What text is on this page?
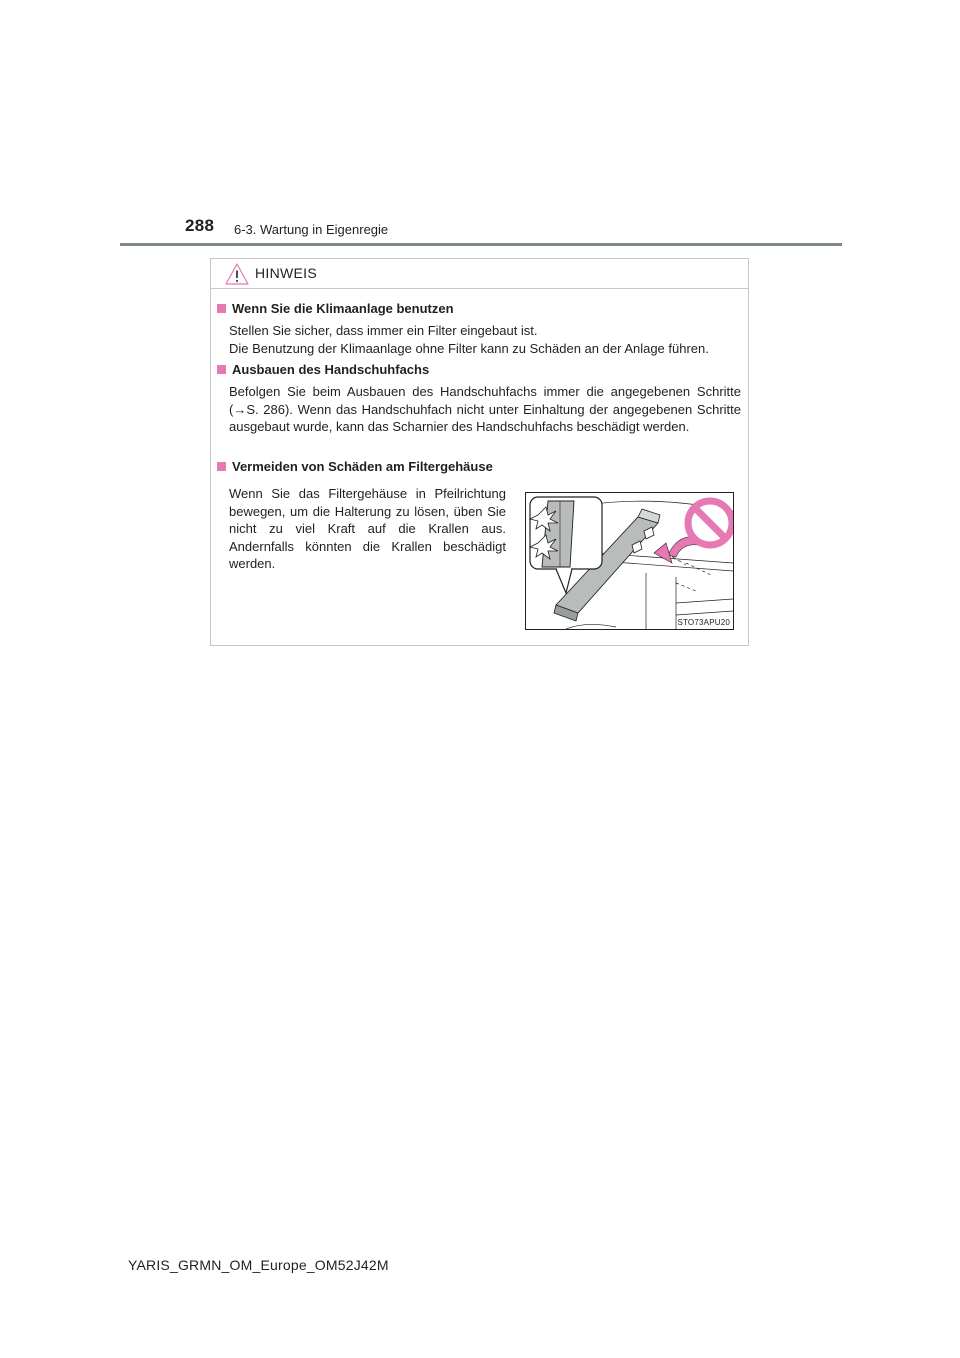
288 6-3. Wartung in Eigenregie
HINWEIS
Wenn Sie die Klimaanlage benutzen

Stellen Sie sicher, dass immer ein Filter eingebaut ist.

Die Benutzung der Klimaanlage ohne Filter kann zu Schäden an der Anlage führen.

Ausbauen des Handschuhfachs
Befolgen Sie beim Ausbauen des Handschuhfachs immer die angegebenen Schritte (→S. 286). Wenn das Handschuhfach nicht unter Einhaltung der angegebenen Schritte ausgebaut wurde, kann das Scharnier des Handschuhfachs beschädigt werden.
Vermeiden von Schäden am Filtergehäuse
Wenn Sie das Filtergehäuse in Pfeilrichtung bewegen, um die Halterung zu lösen, üben Sie nicht zu viel Kraft auf die Krallen aus. Andernfalls könnten die Krallen beschädigt werden.
STO73APU20
YARIS_GRMN_OM_Europe_OM52J42M
